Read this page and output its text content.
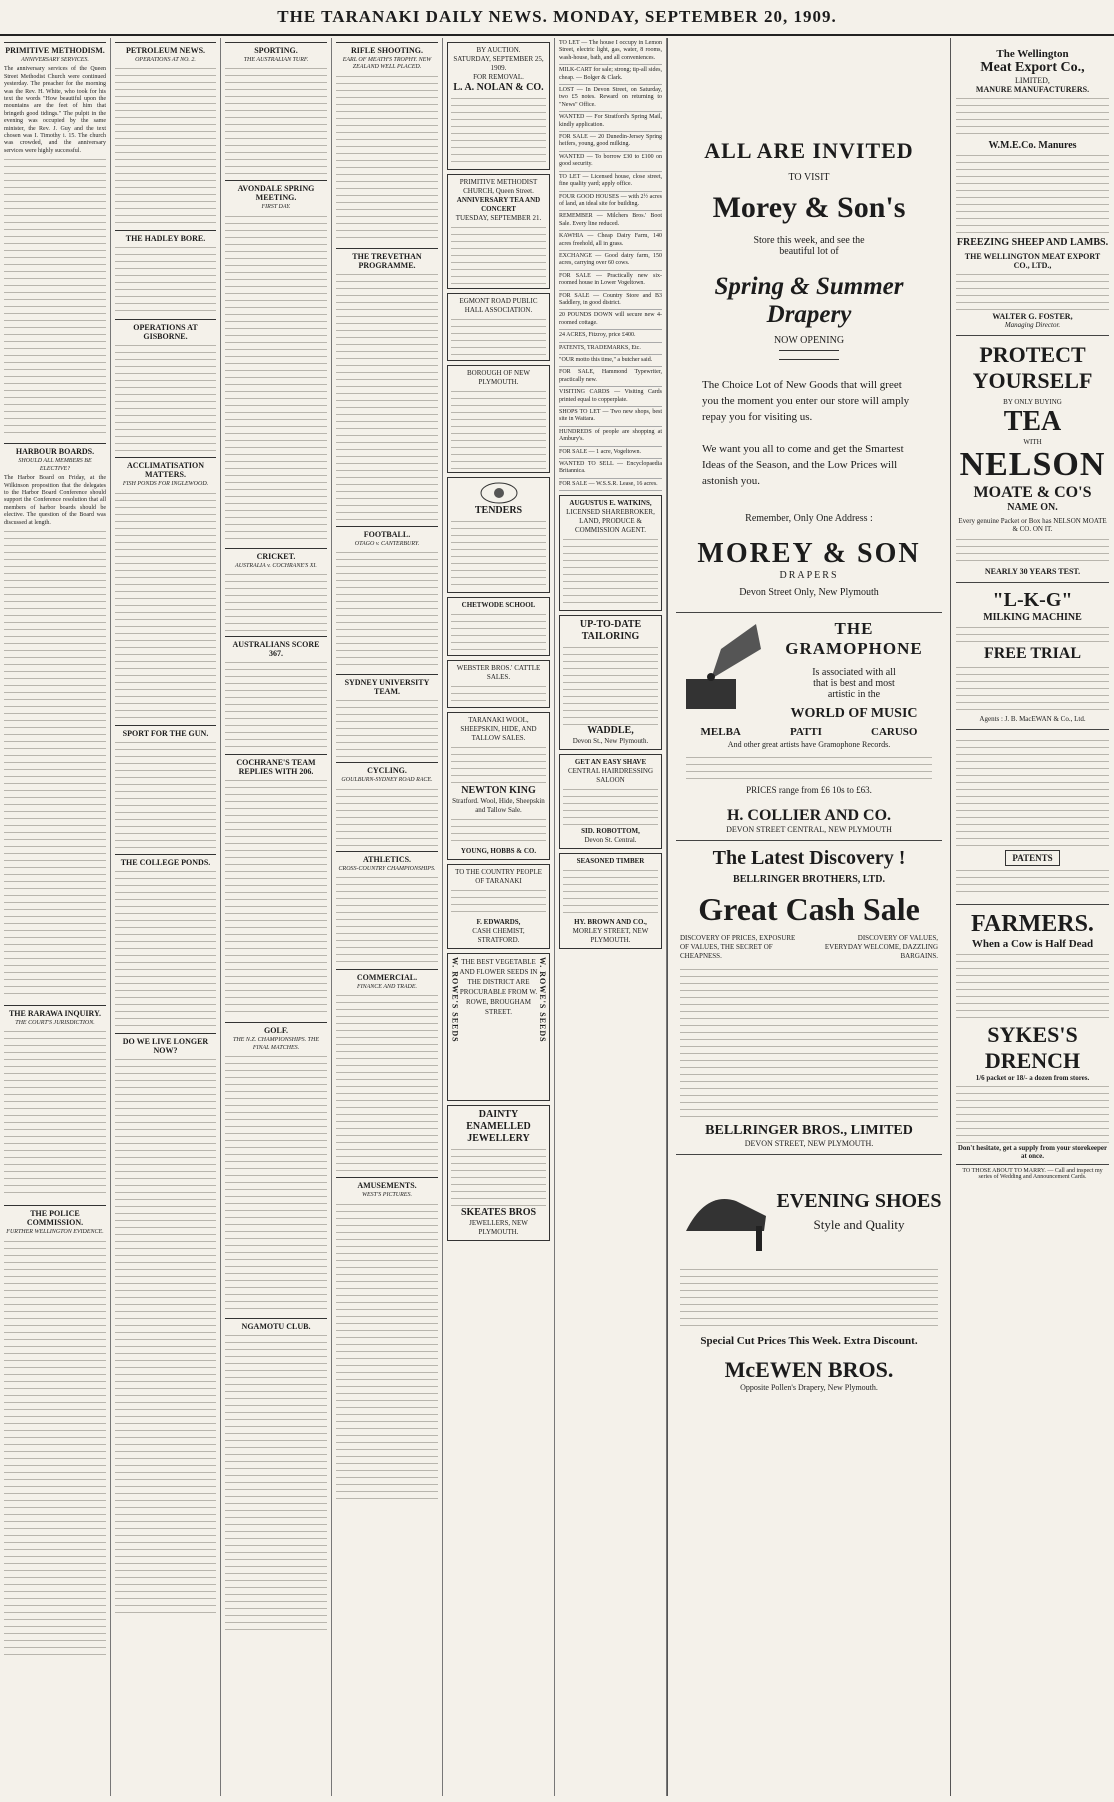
THE TARANAKI DAILY NEWS. MONDAY, SEPTEMBER 20, 1909.
PRIMITIVE METHODISM.
ANNIVERSARY SERVICES.
The anniversary services of the Queen Street Methodist Church were continued yesterday. The preacher for the morning was the Rev. H. White, who took for his text the words "How beautiful upon the mountains are the feet of him that bringeth good tidings." The pulpit in the evening was occupied by the same minister, the Rev. J. Guy and the text chosen was I. Timothy i. 15. The church was crowded, and the anniversary services were highly successful.
HARBOUR BOARDS.
SHOULD ALL MEMBERS BE ELECTIVE?
The Harbor Board on Friday, at the Wilkinson proposition that the delegates to the Harbor Board Conference should support the Conference resolution that all members of harbor boards should be elective. The question of the Board was discussed at length.
THE RARAWA INQUIRY.
THE COURT'S JURISDICTION.
THE POLICE COMMISSION.
FURTHER WELLINGTON EVIDENCE.
PETROLEUM NEWS.
OPERATIONS AT NO. 2.
THE HADLEY BORE.
OPERATIONS AT GISBORNE.
ACCLIMATISATION MATTERS.
FISH PONDS FOR INGLEWOOD.
SPORT FOR THE GUN.
THE COLLEGE PONDS.
DO WE LIVE LONGER NOW?
SPORTING.
THE AUSTRALIAN TURF.
AVONDALE SPRING MEETING.
FIRST DAY.
CRICKET.
AUSTRALIA v. COCHRANE'S XI.
AUSTRALIANS SCORE 367.
COCHRANE'S TEAM REPLIES WITH 206.
GOLF.
THE N.Z. CHAMPIONSHIPS. THE FINAL MATCHES.
NGAMOTU CLUB.
RIFLE SHOOTING.
EARL OF MEATH'S TROPHY. NEW ZEALAND WELL PLACED.
THE TREVETHAN PROGRAMME.
FOOTBALL.
OTAGO v. CANTERBURY.
SYDNEY UNIVERSITY TEAM.
CYCLING.
GOULBURN-SYDNEY ROAD RACE.
ATHLETICS.
CROSS-COUNTRY CHAMPIONSHIPS.
COMMERCIAL.
FINANCE AND TRADE.
AMUSEMENTS.
WEST'S PICTURES.
BY AUCTION.
SATURDAY, SEPTEMBER 25, 1909.
FOR REMOVAL.
L. A. NOLAN & CO.
PRIMITIVE METHODIST CHURCH, Queen Street.
ANNIVERSARY TEA AND CONCERT
TUESDAY, SEPTEMBER 21.
EGMONT ROAD PUBLIC HALL ASSOCIATION.
BOROUGH OF NEW PLYMOUTH.
TENDERS
CHETWODE SCHOOL
WEBSTER BROS.' CATTLE SALES.
TARANAKI WOOL, SHEEPSKIN, HIDE, AND TALLOW SALES.
NEWTON KING
Stratford. Wool, Hide, Sheepskin and Tallow Sale.
YOUNG, HOBBS & CO.
TO THE COUNTRY PEOPLE OF TARANAKI
F. EDWARDS,
CASH CHEMIST, STRATFORD.
W. ROWE'S SEEDS THE BEST VEGETABLE AND FLOWER SEEDS IN THE DISTRICT ARE PROCURABLE FROM W. ROWE, BROUGHAM STREET.	W. ROWE'S SEEDS
DAINTY
ENAMELLED
JEWELLERY
SKEATES BROS
JEWELLERS, NEW PLYMOUTH.
TO LET — The house I occupy in Lemon Street, electric light, gas, water, 8 rooms, wash-house, bath, and all conveniences.
MILK-CART for sale; strong; tip-all sides, cheap. — Bolger & Clark.
LOST — In Devon Street, on Saturday, two £5 notes. Reward on returning to "News" Office.
WANTED — For Stratford's Spring Mail, kindly application.
FOR SALE — 20 Dunedin-Jersey Spring heifers, young, good milking.
WANTED — To borrow £30 to £100 on good security.
TO LET — Licensed house, close street, fine quality yard; apply office.
FOUR GOOD HOUSES — with 2½ acres of land, an ideal site for building.
REMEMBER — Milchers Bros.' Boot Sale. Every line reduced.
KAWHIA — Cheap Dairy Farm, 140 acres freehold, all in grass.
EXCHANGE — Good dairy farm, 150 acres, carrying over 60 cows.
FOR SALE — Practically new six-roomed house in Lower Vogeltown.
FOR SALE — Country Store and B3 Saddlery, in good district.
20 POUNDS DOWN will secure new 4-roomed cottage.
24 ACRES, Fitzroy, price £400.
PATENTS, TRADEMARKS, Etc.
"OUR motto this time," a butcher said.
FOR SALE, Hammond Typewriter, practically new.
VISITING CARDS — Visiting Cards printed equal to copperplate.
SHOPS TO LET — Two new shops, best site in Waitara.
HUNDREDS of people are shopping at Ambury's.
FOR SALE — 1 acre, Vogeltown.
WANTED TO SELL — Encyclopaedia Britannica.
FOR SALE — W.S.S.R. Lease, 16 acres.
AUGUSTUS E. WATKINS,
LICENSED SHAREBROKER, LAND, PRODUCE & COMMISSION AGENT.
UP-TO-DATE
TAILORING
WADDLE,
Devon St., New Plymouth.
GET AN EASY SHAVE
CENTRAL HAIRDRESSING SALOON
SID. ROBOTTOM,
Devon St. Central.
SEASONED TIMBER
HY. BROWN AND CO.,
MORLEY STREET, NEW PLYMOUTH.
ALL ARE INVITED
TO VISIT
Morey & Son's
Store this week, and see the
beautiful lot of
Spring & Summer Drapery
NOW OPENING
The Choice Lot of New Goods that will greet you the moment you enter our store will amply repay you for visiting us.
We want you all to come and get the Smartest Ideas of the Season, and the Low Prices will astonish you.
Remember, Only One Address :
MOREY & SON
DRAPERS
Devon Street Only, New Plymouth
THE GRAMOPHONE
Is associated with all
that is best and most
artistic in the
WORLD OF MUSIC
MELBA	PATTI	CARUSO
And other great artists have Gramophone Records.
PRICES range from £6 10s to £63.
H. COLLIER AND CO.
DEVON STREET CENTRAL, NEW PLYMOUTH
The Latest Discovery !
BELLRINGER BROTHERS, LTD.
Great Cash Sale
DISCOVERY OF PRICES, EXPOSURE OF VALUES, THE SECRET OF CHEAPNESS.
DISCOVERY OF VALUES, EVERYDAY WELCOME, DAZZLING BARGAINS.
BELLRINGER BROS., LIMITED
DEVON STREET, NEW PLYMOUTH.
EVENING SHOES
Style and Quality
Special Cut Prices This Week. Extra Discount.
McEWEN BROS.
Opposite Pollen's Drapery, New Plymouth.
The Wellington
Meat Export Co.,
LIMITED,
MANURE MANUFACTURERS.
W.M.E.Co. Manures
FREEZING SHEEP AND LAMBS.
THE WELLINGTON MEAT EXPORT CO., LTD.,
WALTER G. FOSTER,
Managing Director.
PROTECT
YOURSELF
BY ONLY BUYING
TEA
WITH
NELSON
MOATE & CO'S
NAME ON.
Every genuine Packet or Box has NELSON MOATE & CO. ON IT.
NEARLY 30 YEARS TEST.
"L-K-G"
MILKING MACHINE
FREE TRIAL
Agents : J. B. MacEWAN & Co., Ltd.
PATENTS
FARMERS.
When a Cow is Half Dead
SYKES'S
DRENCH
1/6 packet or 18/- a dozen from stores.
Don't hesitate, get a supply from your storekeeper at once.
TO THOSE ABOUT TO MARRY. — Call and inspect my series of Wedding and Announcement Cards.
